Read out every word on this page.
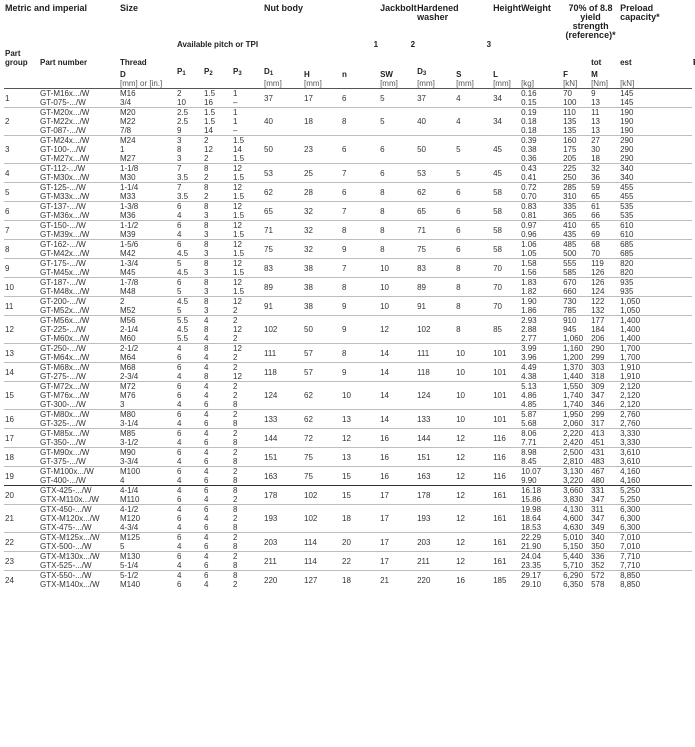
Metric and imperial		Size				Nut body			Jackbolt	Hardened washer		Height	Weight	70% of 8.8 yield strength (reference)*		Preload capacity*	
			Available pitch or TPI			1			2	3							
Part group	Part number	Thread													tot	est			
		D	P1	P2	P3	D1	H	n	SW	D3	S	L		F	M		
		[mm] or [in.]				[mm]	[mm]		[mm]	[mm]	[mm]	[mm]	[kg]	[kN]	[Nm]	[kN]	
1	GT-M16x.../W	M16	2	1.5	1	37	17	6	5	37	4	34	0.16	70	9	145	
	GT-075-.../W	3/4	10	16	–								0.15	100	13	145	
2	GT-M20x.../W	M20	2.5	1.5	1	40	18	8	5	40	4	34	0.19	110	11	190	
	GT-M22x.../W	M22	2.5	1.5	1								0.18	135	13	190	
	GT-087-.../W	7/8	9	14	–								0.18	135	13	190	
3	GT-M24x.../W	M24	3	2	1.5	50	23	6	6	50	5	45	0.39	160	27	290	
	GT-100-.../W	1	8	12	14								0.38	175	30	290	
	GT-M27x.../W	M27	3	2	1.5								0.36	205	18	290	
4	GT-112-.../W	1-1/8	7	8	12	53	25	7	6	53	5	45	0.43	225	32	340	
	GT-M30x.../W	M30	3.5	2	1.5								0.41	250	36	340	
5	GT-125-.../W	1-1/4	7	8	12	62	28	6	8	62	6	58	0.72	285	59	455	
	GT-M33x.../W	M33	3.5	2	1.5								0.70	310	65	455	
6	GT-137-.../W	1-3/8	6	8	12	65	32	7	8	65	6	58	0.83	335	61	535	
	GT-M36x.../W	M36	4	3	1.5								0.81	365	66	535	
7	GT-150-.../W	1-1/2	6	8	12	71	32	8	8	71	6	58	0.97	410	65	610	
	GT-M39x.../W	M39	4	3	1.5								0.96	435	69	610	
8	GT-162-.../W	1-5/6	6	8	12	75	32	9	8	75	6	58	1.06	485	68	685	
	GT-M42x.../W	M42	4.5	3	1.5								1.05	500	70	685	
9	GT-175-.../W	1-3/4	5	8	12	83	38	7	10	83	8	70	1.58	555	119	820	
	GT-M45x.../W	M45	4.5	3	1.5								1.56	585	126	820	
10	GT-187-.../W	1-7/8	6	8	12	89	38	8	10	89	8	70	1.83	670	126	935	
	GT-M48x.../W	M48	5	3	1.5								1.82	660	124	935	
11	GT-200-.../W	2	4.5	8	12	91	38	9	10	91	8	70	1.90	730	122	1,050	
	GT-M52x.../W	M52	5	3	2								1.86	785	132	1,050	
12	GT-M56x.../W	M56	5.5	4	2	102	50	9	12	102	8	85	2.93	910	177	1,400	
	GT-225-.../W	2-1/4	4.5	8	12								2.88	945	184	1,400	
	GT-M60x.../W	M60	5.5	4	2								2.77	1,060	206	1,400	
13	GT-250-.../W	2-1/2	4	8	12	111	57	8	14	111	10	101	3.99	1,160	290	1,700	
	GT-M64x.../W	M64	6	4	2								3.96	1,200	299	1,700	
14	GT-M68x.../W	M68	6	4	2	118	57	9	14	118	10	101	4.49	1,370	303	1,910	
	GT-275-.../W	2-3/4	4	8	12								4.38	1,440	318	1,910	
15	GT-M72x.../W	M72	6	4	2	124	62	10	14	124	10	101	5.13	1,550	309	2,120	
	GT-M76x.../W	M76	6	4	2								4.86	1,740	347	2,120	
	GT-300-.../W	3	4	6	8								4.85	1,740	346	2,120	
16	GT-M80x.../W	M80	6	4	2	133	62	13	14	133	10	101	5.87	1,950	299	2,760	
	GT-325-.../W	3-1/4	4	6	8								5.68	2,060	317	2,760	
17	GT-M85x.../W	M85	6	4	2	144	72	12	16	144	12	116	8.06	2,220	413	3,330	
	GT-350-.../W	3-1/2	4	6	8								7.71	2,420	451	3,330	
18	GT-M90x.../W	M90	6	4	2	151	75	13	16	151	12	116	8.98	2,500	431	3,610	
	GT-375-.../W	3-3/4	4	6	8								8.45	2,810	483	3,610	
19	GT-M100x.../W	M100	6	4	2	163	75	15	16	163	12	116	10.07	3,130	467	4,160	
	GT-400-.../W	4	4	6	8								9.90	3,220	480	4,160	
20	GTX-425-.../W	4-1/4	4	6	8	178	102	15	17	178	12	161	16.18	3,660	331	5,250	
	GTX-M110x.../W	M110	6	4	2								15.86	3,830	347	5,250	
21	GTX-450-.../W	4-1/2	4	6	8	193	102	18	17	193	12	161	19.98	4,130	311	6,300	
	GTX-M120x.../W	M120	6	4	2								18.64	4,600	347	6,300	
	GTX-475-.../W	4-3/4	4	6	8								18.53	4,630	349	6,300	
22	GTX-M125x.../W	M125	6	4	2	203	114	20	17	203	12	161	22.29	5,010	340	7,010	
	GTX-500-.../W	5	4	6	8								21.90	5,150	350	7,010	
23	GTX-M130x.../W	M130	6	4	2	211	114	22	17	211	12	161	24.04	5,440	336	7,710	
	GTX-525-.../W	5-1/4	4	6	8								23.35	5,710	352	7,710	
24	GTX-550-.../W	5-1/2	4	6	8	220	127	18	21	220	16	185	29.17	6,290	572	8,850	
	GTX-M140x.../W	M140	6	4	2								29.10	6,350	578	8,850	
